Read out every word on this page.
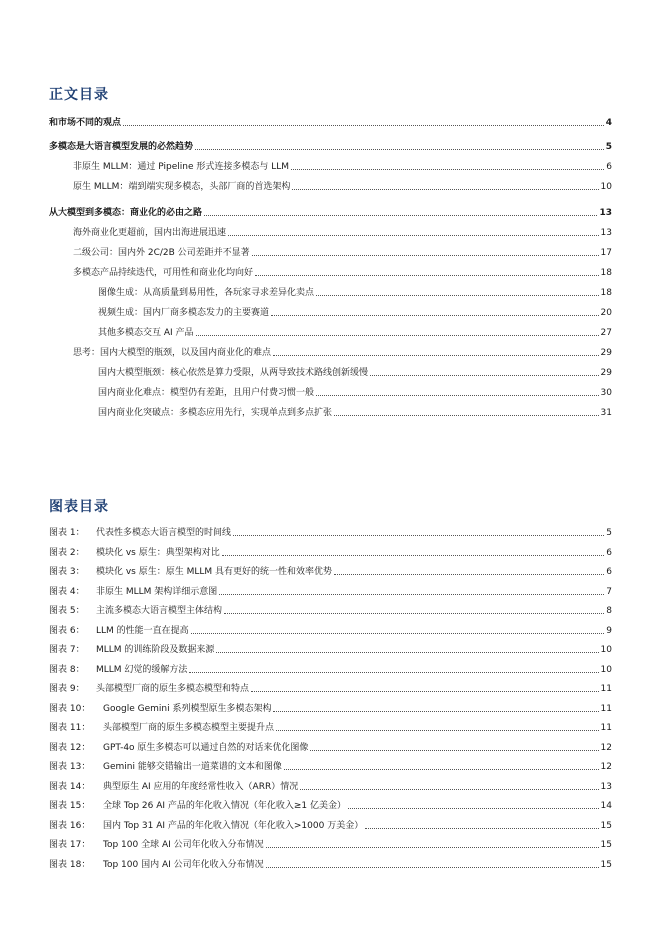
正文目录
和市场不同的观点	4
多模态是大语言模型发展的必然趋势	5
非原生 MLLM：通过 Pipeline 形式连接多模态与 LLM	6
原生 MLLM：端到端实现多模态，头部厂商的首选架构	10
从大模型到多模态：商业化的必由之路	13
海外商业化更超前，国内出海进展迅速	13
二级公司：国内外 2C/2B 公司差距并不显著	17
多模态产品持续迭代，可用性和商业化均向好	18
图像生成：从高质量到易用性，各玩家寻求差异化卖点	18
视频生成：国内厂商多模态发力的主要赛道	20
其他多模态交互 AI 产品	27
思考：国内大模型的瓶颈，以及国内商业化的难点	29
国内大模型瓶颈：核心依然是算力受限，从两导致技术路线创新缓慢	29
国内商业化难点：模型仍有差距，且用户付费习惯一般	30
国内商业化突破点：多模态应用先行，实现单点到多点扩张	31
图表目录
图表 1：	代表性多模态大语言模型的时间线	5
图表 2：	模块化 vs 原生：典型架构对比	6
图表 3：	模块化 vs 原生：原生 MLLM 具有更好的统一性和效率优势	6
图表 4：	非原生 MLLM 架构详细示意图	7
图表 5：	主流多模态大语言模型主体结构	8
图表 6：	LLM 的性能一直在提高	9
图表 7：	MLLM 的训练阶段及数据来源	10
图表 8：	MLLM 幻觉的缓解方法	10
图表 9：	头部模型厂商的原生多模态模型和特点	11
图表 10：	Google Gemini 系列模型原生多模态架构	11
图表 11：	头部模型厂商的原生多模态模型主要提升点	11
图表 12：	GPT-4o 原生多模态可以通过自然的对话来优化图像	12
图表 13：	Gemini 能够交错输出一道菜谱的文本和图像	12
图表 14：	典型原生 AI 应用的年度经常性收入（ARR）情况	13
图表 15：	全球 Top 26 AI 产品的年化收入情况（年化收入≥1 亿美金）	14
图表 16：	国内 Top 31 AI 产品的年化收入情况（年化收入>1000 万美金）	15
图表 17：	Top 100 全球 AI 公司年化收入分布情况	15
图表 18：	Top 100 国内 AI 公司年化收入分布情况	15
